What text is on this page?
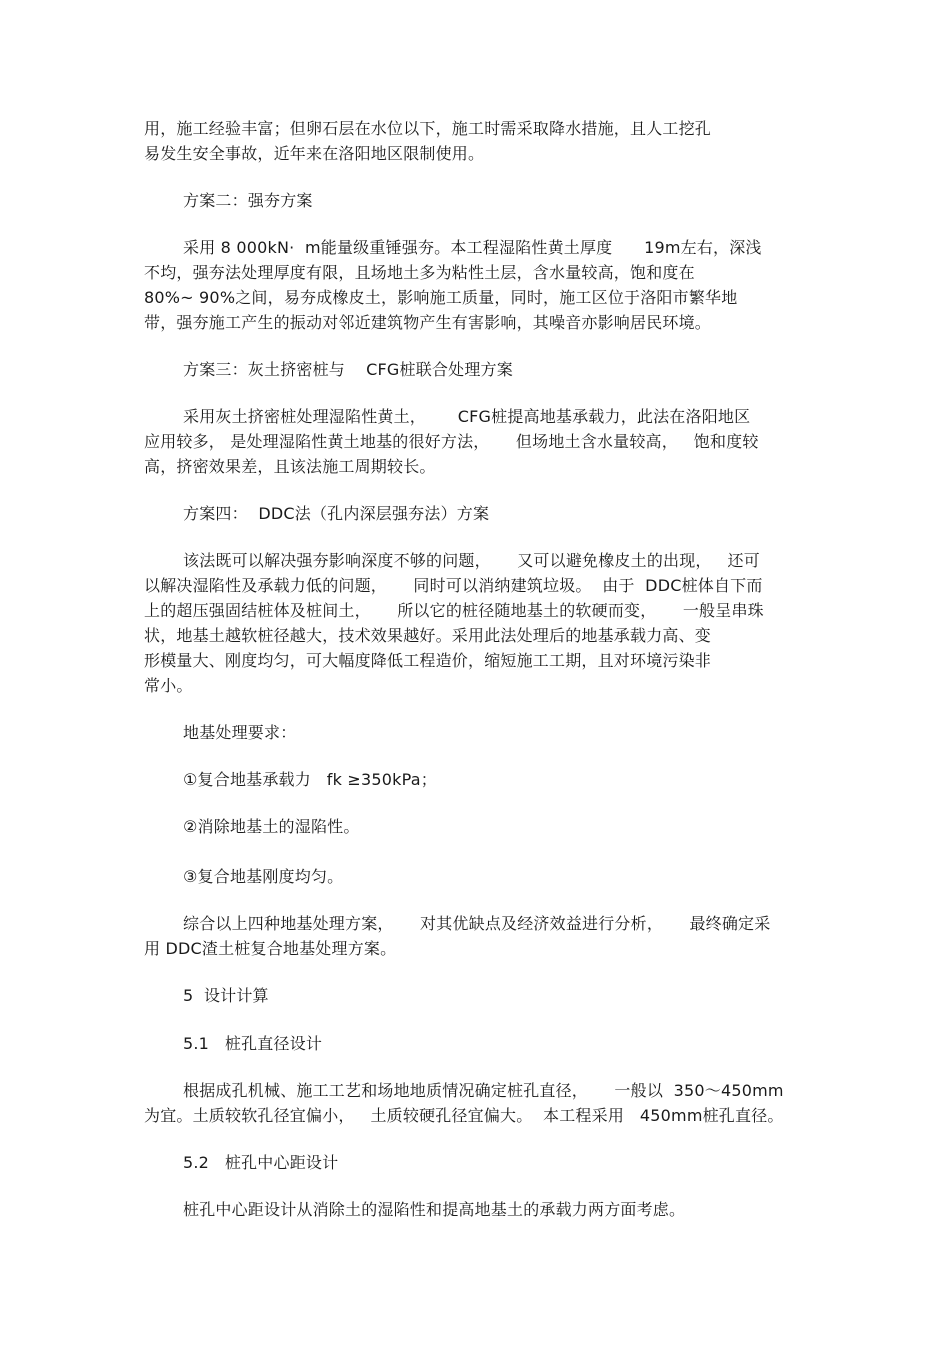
用，施工经验丰富；但卵石层在水位以下，施工时需采取降水措施，且人工挖孔
易发生安全事故，近年来在洛阳地区限制使用。
方案二：强夯方案
采用 8 000kN·  m能量级重锤强夯。本工程湿陷性黄土厚度      19m左右，深浅
不均，强夯法处理厚度有限，且场地土多为粘性土层，含水量较高，饱和度在
80%~ 90%之间，易夯成橡皮土，影响施工质量，同时，施工区位于洛阳市繁华地
带，强夯施工产生的振动对邻近建筑物产生有害影响，其噪音亦影响居民环境。
方案三：灰土挤密桩与    CFG桩联合处理方案
采用灰土挤密桩处理湿陷性黄土，      CFG桩提高地基承载力，此法在洛阳地区
应用较多， 是处理湿陷性黄土地基的很好方法，     但场地土含水量较高，   饱和度较
高，挤密效果差，且该法施工周期较长。
方案四：  DDC法（孔内深层强夯法）方案
该法既可以解决强夯影响深度不够的问题，     又可以避免橡皮土的出现，   还可
以解决湿陷性及承载力低的问题，     同时可以消纳建筑垃圾。  由于  DDC桩体自下而
上的超压强固结桩体及桩间土，     所以它的桩径随地基土的软硬而变，     一般呈串珠
状，地基土越软桩径越大，技术效果越好。采用此法处理后的地基承载力高、变
形模量大、刚度均匀，可大幅度降低工程造价，缩短施工工期，且对环境污染非
常小。
地基处理要求：
①复合地基承载力   fk ≥350kPa；
②消除地基土的湿陷性。
③复合地基刚度均匀。
综合以上四种地基处理方案，     对其优缺点及经济效益进行分析，     最终确定采
用 DDC渣土桩复合地基处理方案。
5  设计计算
5.1   桩孔直径设计
根据成孔机械、施工工艺和场地地质情况确定桩孔直径，     一般以  350～450mm
为宜。土质较软孔径宜偏小，   土质较硬孔径宜偏大。  本工程采用   450mm桩孔直径。
5.2   桩孔中心距设计
桩孔中心距设计从消除土的湿陷性和提高地基土的承载力两方面考虑。
